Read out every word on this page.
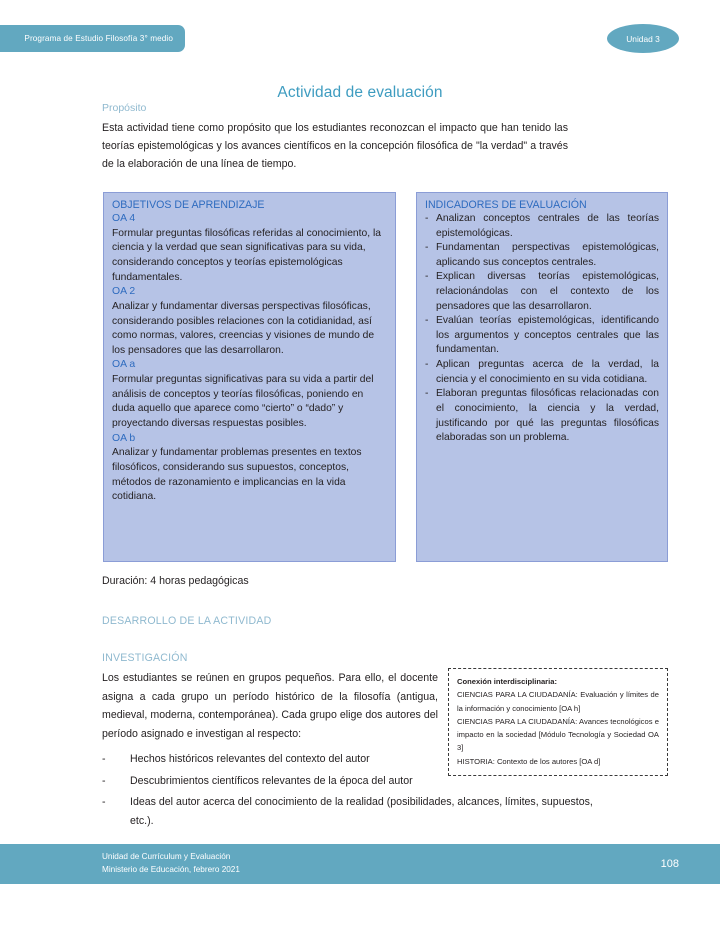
Programa de Estudio Filosofía 3° medio	Unidad 3
Actividad de evaluación
Propósito
Esta actividad tiene como propósito que los estudiantes reconozcan el impacto que han tenido las teorías epistemológicas y los avances científicos en la concepción filosófica de "la verdad" a través de la elaboración de una línea de tiempo.
OBJETIVOS DE APRENDIZAJE
OA 4
Formular preguntas filosóficas referidas al conocimiento, la ciencia y la verdad que sean significativas para su vida, considerando conceptos y teorías epistemológicas fundamentales.
OA 2
Analizar y fundamentar diversas perspectivas filosóficas, considerando posibles relaciones con la cotidianidad, así como normas, valores, creencias y visiones de mundo de los pensadores que las desarrollaron.
OA a
Formular preguntas significativas para su vida a partir del análisis de conceptos y teorías filosóficas, poniendo en duda aquello que aparece como “cierto” o “dado” y proyectando diversas respuestas posibles.
OA b
Analizar y fundamentar problemas presentes en textos filosóficos, considerando sus supuestos, conceptos, métodos de razonamiento e implicancias en la vida cotidiana.
INDICADORES DE EVALUACIÓN
- Analizan conceptos centrales de las teorías epistemológicas.
- Fundamentan perspectivas epistemológicas, aplicando sus conceptos centrales.
- Explican diversas teorías epistemológicas, relacionándolas con el contexto de los pensadores que las desarrollaron.
- Evalúan teorías epistemológicas, identificando los argumentos y conceptos centrales que las fundamentan.
- Aplican preguntas acerca de la verdad, la ciencia y el conocimiento en su vida cotidiana.
- Elaboran preguntas filosóficas relacionadas con el conocimiento, la ciencia y la verdad, justificando por qué las preguntas filosóficas elaboradas son un problema.
Duración: 4 horas pedagógicas
DESARROLLO DE LA ACTIVIDAD
INVESTIGACIÓN
Los estudiantes se reúnen en grupos pequeños. Para ello, el docente asigna a cada grupo un período histórico de la filosofía (antigua, medieval, moderna, contemporánea). Cada grupo elige dos autores del período asignado e investigan al respecto:
-	Hechos históricos relevantes del contexto del autor
-	Descubrimientos científicos relevantes de la época del autor
-	Ideas del autor acerca del conocimiento de la realidad (posibilidades, alcances, límites, supuestos, etc.).
Conexión interdisciplinaria:
CIENCIAS PARA LA CIUDADANÍA: Evaluación y límites de la información y conocimiento [OA h]
CIENCIAS PARA LA CIUDADANÍA: Avances tecnológicos e impacto en la sociedad [Módulo Tecnología y Sociedad OA 3]
HISTORIA: Contexto de los autores [OA d]
Unidad de Currículum y Evaluación
Ministerio de Educación, febrero 2021	108
